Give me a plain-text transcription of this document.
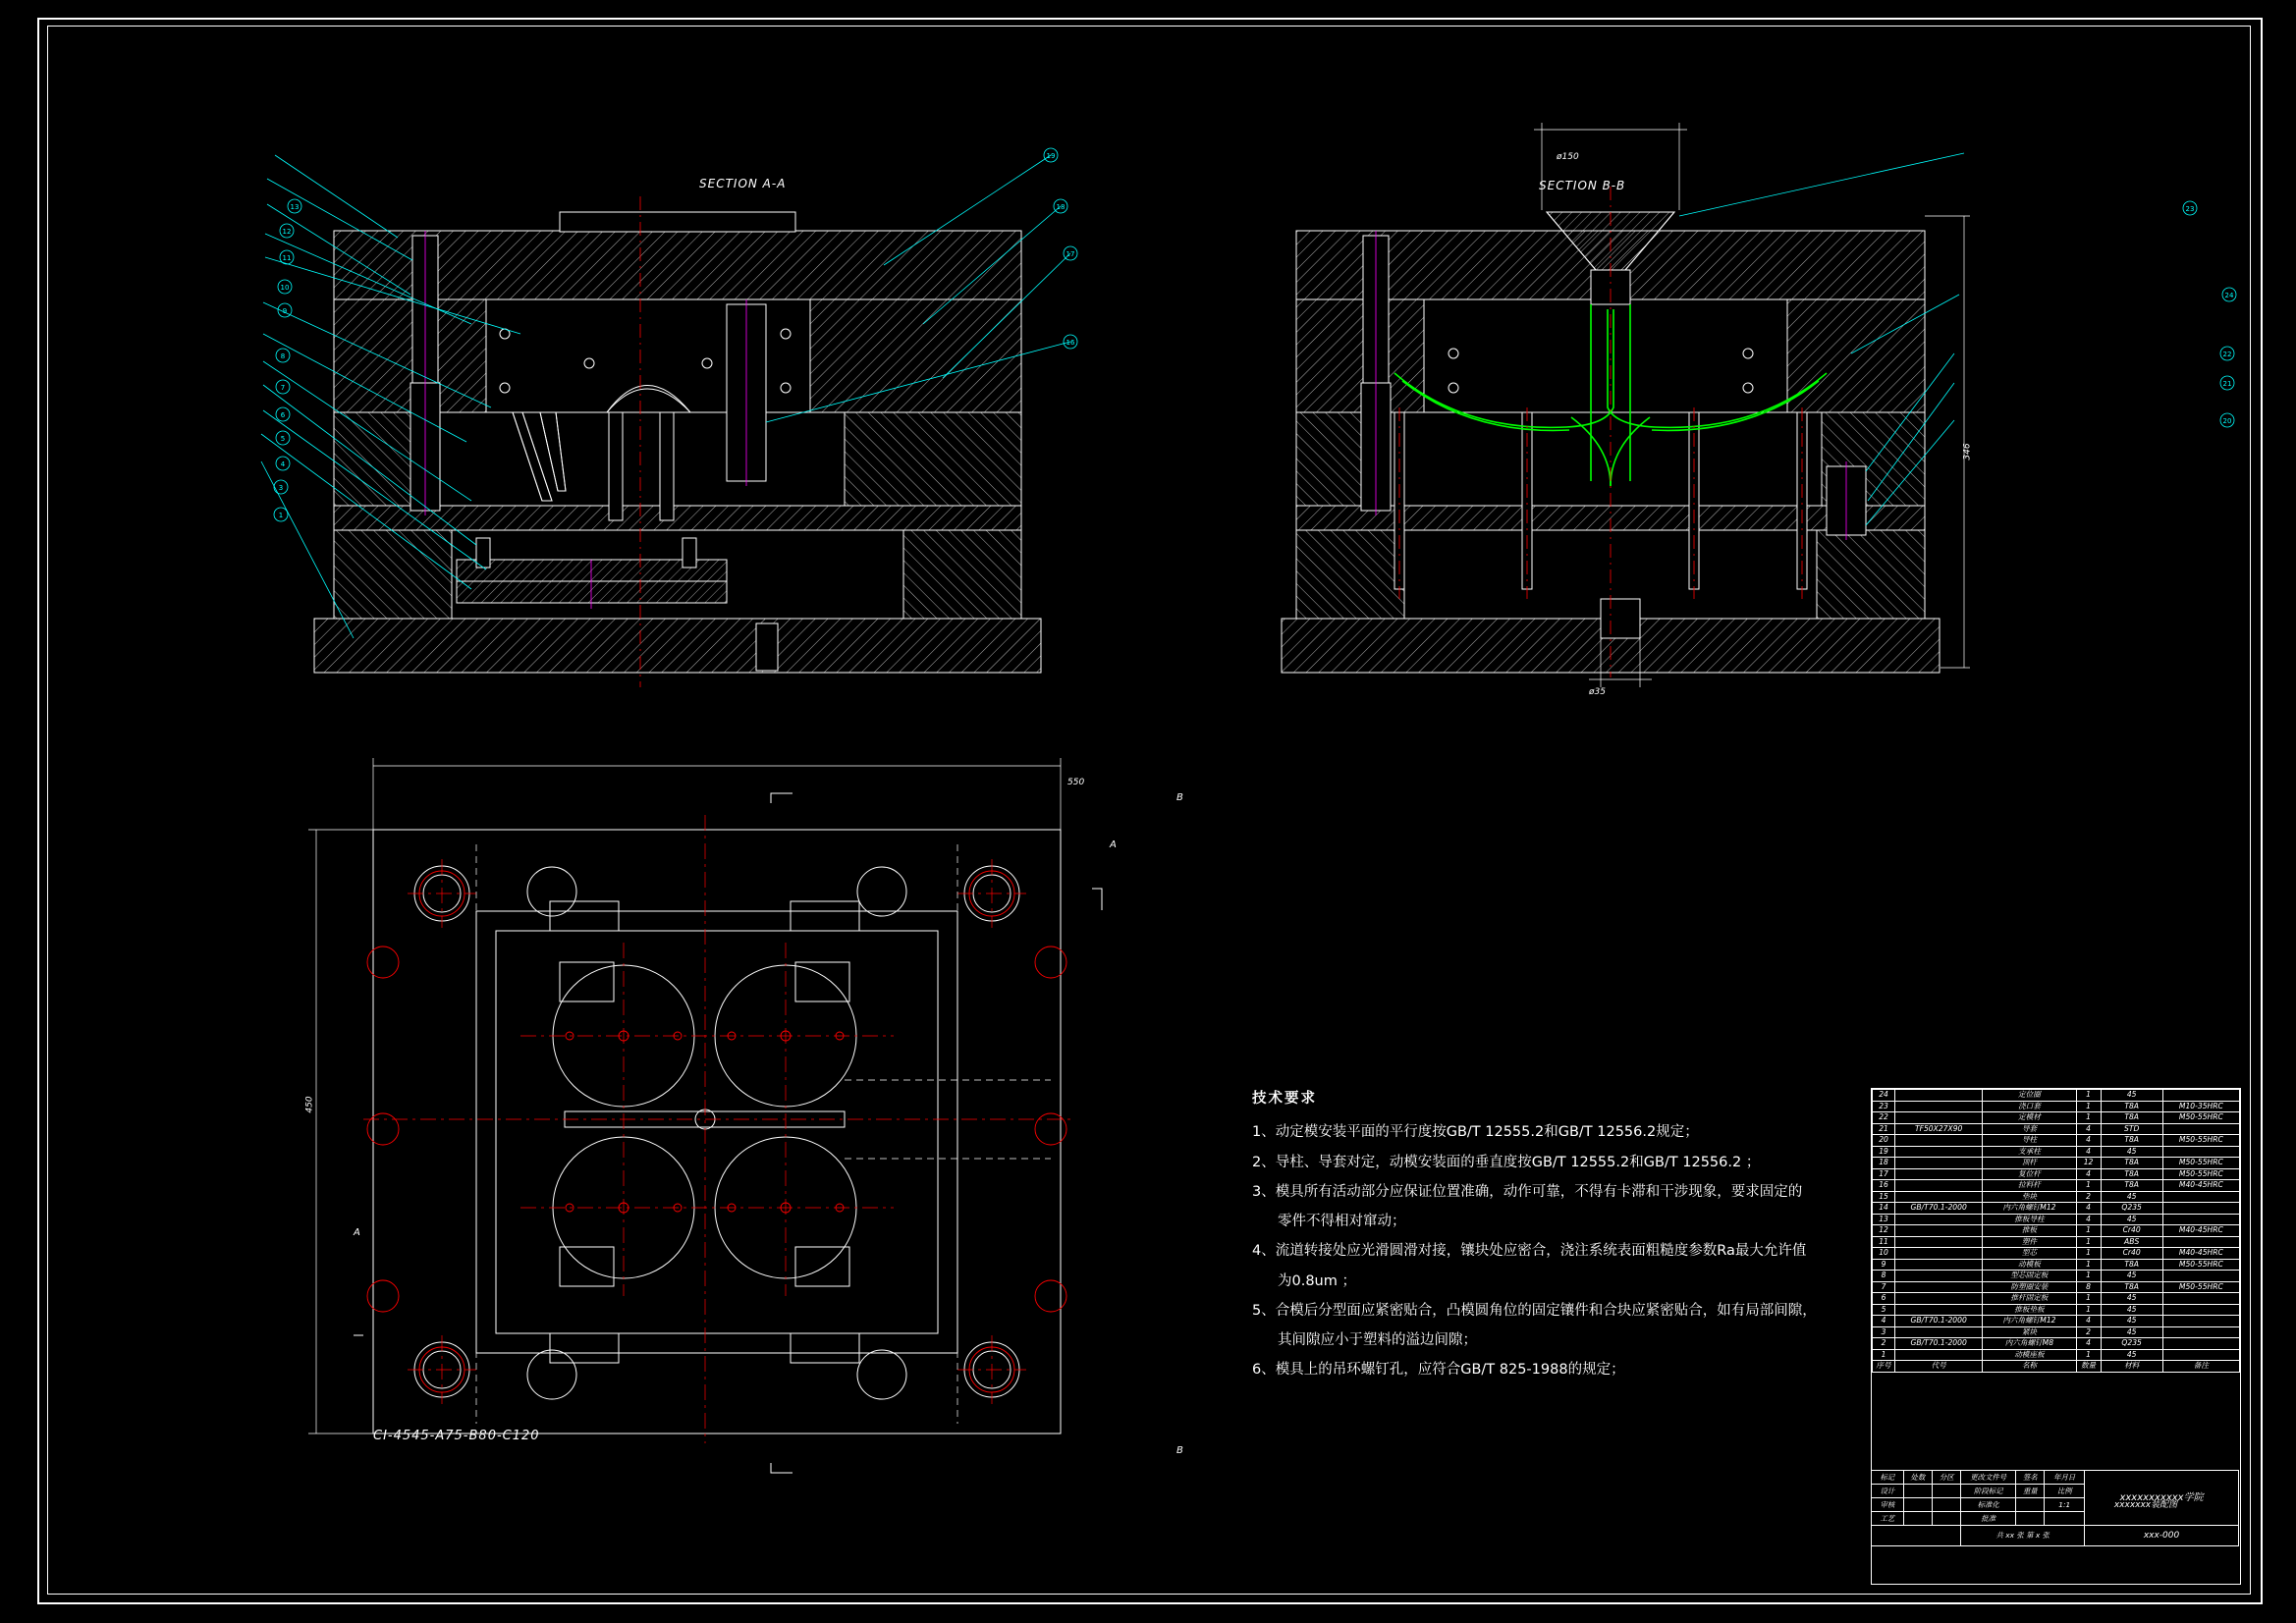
13
12
11
10
9
8
7
6
5
4
3
1
19
18
17
16
SECTION A-A	SECTION B-B
ø150
ø35
346
23
24
22
21
20
550
450
B
B
A
A
CI-4545-A75-B80-C120
技术要求

1、动定模安装平面的平行度按GB/T 12555.2和GB/T 12556.2规定；

2、导柱、导套对定，动模安装面的垂直度按GB/T 12555.2和GB/T 12556.2 ；

3、模具所有活动部分应保证位置准确，动作可靠，不得有卡滞和干涉现象，要求固定的

零件不得相对窜动；

4、流道转接处应光滑圆滑对接，镶块处应密合，浇注系统表面粗糙度参数Ra最大允许值

为0.8um ；

5、合模后分型面应紧密贴合，凸模圆角位的固定镶件和合块应紧密贴合，如有局部间隙，

其间隙应小于塑料的溢边间隙；

6、模具上的吊环螺钉孔，应符合GB/T 825-1988的规定；

24		定位圈	1	45	
23		浇口套	1	T8A	M10-35HRC
22		定模材	1	T8A	M50-55HRC
21	TF50X27X90	导套	4	STD	
20		导柱	4	T8A	M50-55HRC
19		支承柱	4	45	
18		顶杆	12	T8A	M50-55HRC
17		复位杆	4	T8A	M50-55HRC
16		拉料杆	1	T8A	M40-45HRC
15		垫块	2	45	
14	GB/T70.1-2000	内六角螺钉M12	4	Q235	
13		推板导柱	4	45	
12		推板	1	Cr40	M40-45HRC
11		塑件	1	ABS	
10		型芯	1	Cr40	M40-45HRC
9		动模板	1	T8A	M50-55HRC
8		型芯固定板	1	45	
7		防塑圈安装	8	T8A	M50-55HRC
6		推杆固定板	1	45	
5		推板垫板	1	45	
4	GB/T70.1-2000	内六角螺钉M12	4	45	
3		紧块	2	45	
2	GB/T70.1-2000	内六角螺钉M8	4	Q235	
1		动模座板	1	45	
序号	代号	名称	数量	材料	备注
标记	处数	分区	更改文件号	签名	年月日	xxxxxxxxxxx学院
设计			阶段标记	重量	比例	
审核			标准化		1:1	
工艺			批准			
			共 xx 张 第 x 张			xxx-000
xxxxxxx装配图
